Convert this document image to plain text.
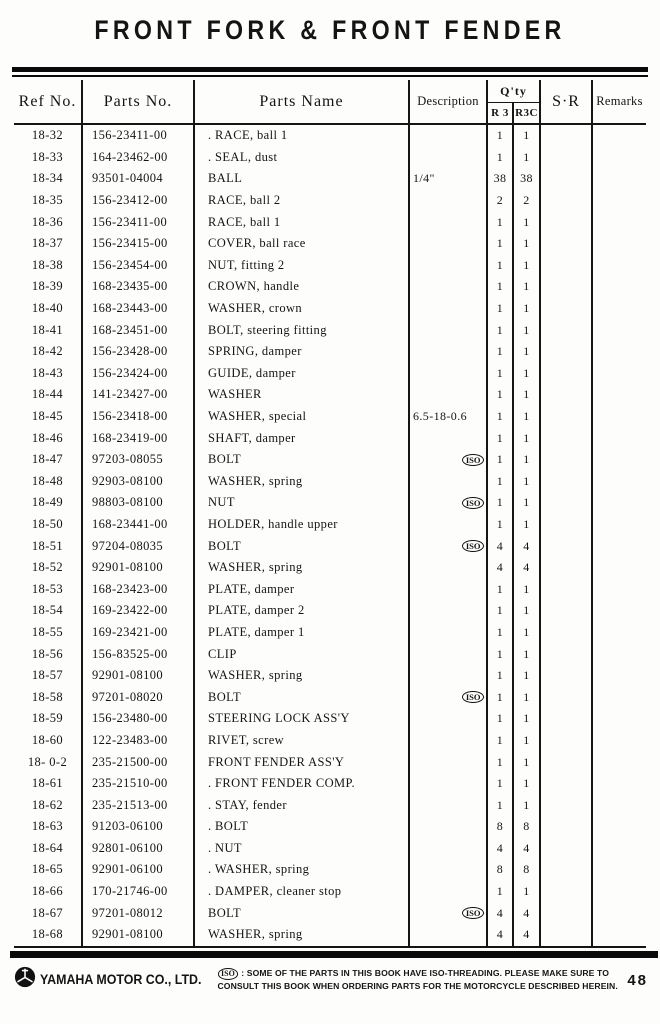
FRONT FORK & FRONT FENDER
Ref No.	Parts No.	Parts Name	Description	Q'ty		S·R	Remarks
				R 3	R3C		
18-32	156-23411-00	. RACE, ball 1		1	1		
18-33	164-23462-00	. SEAL, dust		1	1		
18-34	93501-04004	BALL	1/4"	38	38		
18-35	156-23412-00	RACE, ball 2		2	2		
18-36	156-23411-00	RACE, ball 1		1	1		
18-37	156-23415-00	COVER, ball race		1	1		
18-38	156-23454-00	NUT, fitting 2		1	1		
18-39	168-23435-00	CROWN, handle		1	1		
18-40	168-23443-00	WASHER, crown		1	1		
18-41	168-23451-00	BOLT, steering fitting		1	1		
18-42	156-23428-00	SPRING, damper		1	1		
18-43	156-23424-00	GUIDE, damper		1	1		
18-44	141-23427-00	WASHER		1	1		
18-45	156-23418-00	WASHER, special	6.5-18-0.6	1	1		
18-46	168-23419-00	SHAFT, damper		1	1		
18-47	97203-08055	BOLT	ISO	1	1		
18-48	92903-08100	WASHER, spring		1	1		
18-49	98803-08100	NUT	ISO	1	1		
18-50	168-23441-00	HOLDER, handle upper		1	1		
18-51	97204-08035	BOLT	ISO	4	4		
18-52	92901-08100	WASHER, spring		4	4		
18-53	168-23423-00	PLATE, damper		1	1		
18-54	169-23422-00	PLATE, damper 2		1	1		
18-55	169-23421-00	PLATE, damper 1		1	1		
18-56	156-83525-00	CLIP		1	1		
18-57	92901-08100	WASHER, spring		1	1		
18-58	97201-08020	BOLT	ISO	1	1		
18-59	156-23480-00	STEERING LOCK ASS'Y		1	1		
18-60	122-23483-00	RIVET, screw		1	1		
18- 0-2	235-21500-00	FRONT FENDER ASS'Y		1	1		
18-61	235-21510-00	. FRONT FENDER COMP.		1	1		
18-62	235-21513-00	. STAY, fender		1	1		
18-63	91203-06100	. BOLT		8	8		
18-64	92801-06100	. NUT		4	4		
18-65	92901-06100	. WASHER, spring		8	8		
18-66	170-21746-00	. DAMPER, cleaner stop		1	1		
18-67	97201-08012	BOLT	ISO	4	4		
18-68	92901-08100	WASHER, spring		4	4		
YAMAHA MOTOR CO., LTD.	ISO : SOME OF THE PARTS IN THIS BOOK HAVE ISO-THREADING. PLEASE MAKE SURE TO
CONSULT THIS BOOK WHEN ORDERING PARTS FOR THE MOTORCYCLE DESCRIBED HEREIN. 48
